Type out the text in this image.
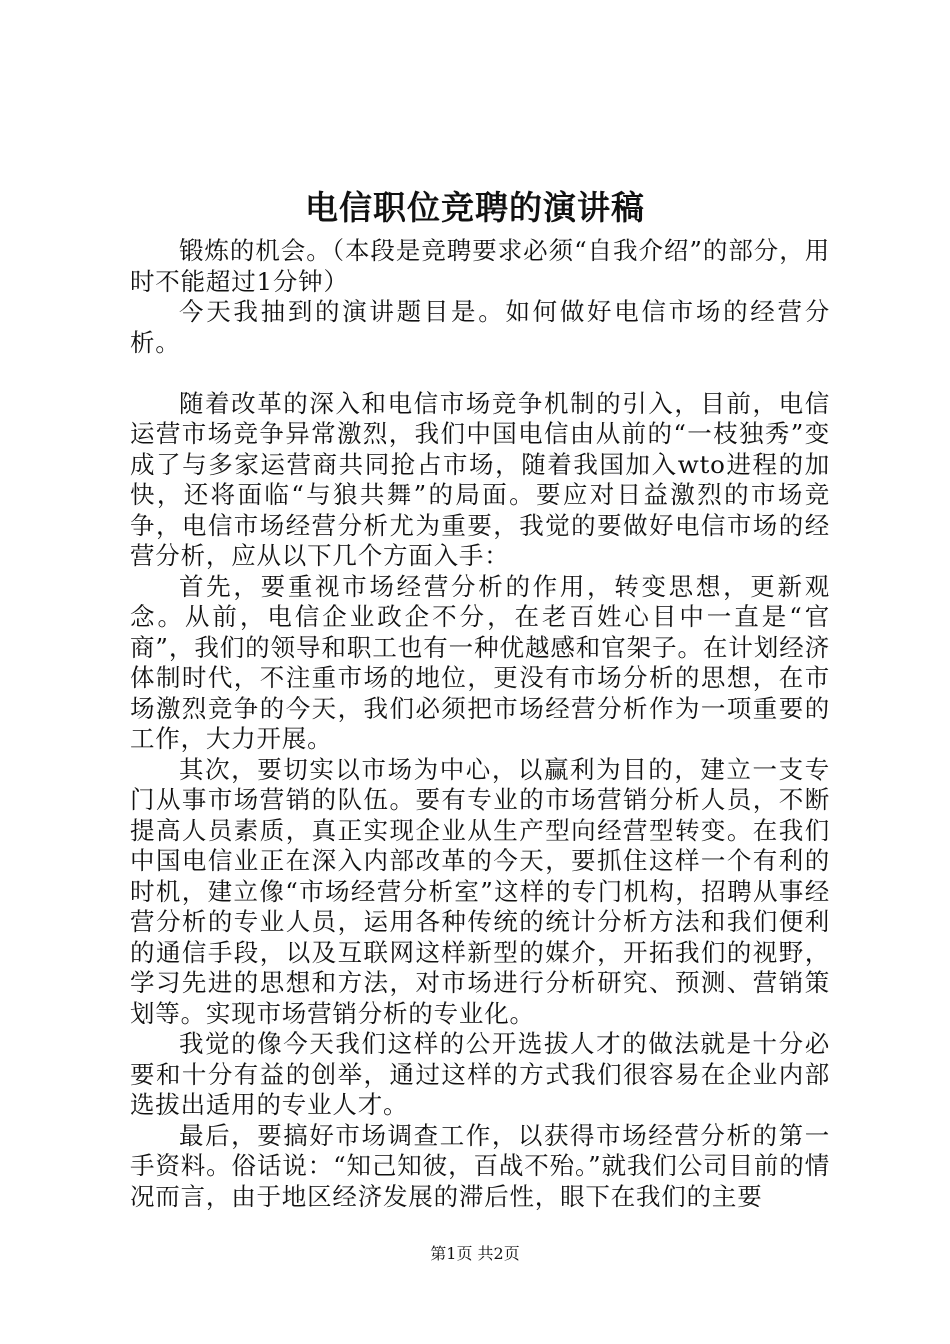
电信职位竞聘的演讲稿

锻炼的机会。（本段是竞聘要求必须“自我介绍”的部分，用时不能超过1分钟）

今天我抽到的演讲题目是。如何做好电信市场的经营分析。

随着改革的深入和电信市场竞争机制的引入，目前，电信运营市场竞争异常激烈，我们中国电信由从前的“一枝独秀”变成了与多家运营商共同抢占市场，随着我国加入wto进程的加快，还将面临“与狼共舞”的局面。要应对日益激烈的市场竞争，电信市场经营分析尤为重要，我觉的要做好电信市场的经营分析，应从以下几个方面入手：

首先，要重视市场经营分析的作用，转变思想，更新观念。从前，电信企业政企不分，在老百姓心目中一直是“官商”，我们的领导和职工也有一种优越感和官架子。在计划经济体制时代，不注重市场的地位，更没有市场分析的思想，在市场激烈竞争的今天，我们必须把市场经营分析作为一项重要的工作，大力开展。

其次，要切实以市场为中心，以赢利为目的，建立一支专门从事市场营销的队伍。要有专业的市场营销分析人员，不断提高人员素质，真正实现企业从生产型向经营型转变。在我们中国电信业正在深入内部改革的今天，要抓住这样一个有利的时机，建立像“市场经营分析室”这样的专门机构，招聘从事经营分析的专业人员，运用各种传统的统计分析方法和我们便利的通信手段，以及互联网这样新型的媒介，开拓我们的视野，学习先进的思想和方法，对市场进行分析研究、预测、营销策划等。实现市场营销分析的专业化。

我觉的像今天我们这样的公开选拔人才的做法就是十分必要和十分有益的创举，通过这样的方式我们很容易在企业内部选拔出适用的专业人才。

最后，要搞好市场调查工作，以获得市场经营分析的第一手资料。俗话说：“知己知彼，百战不殆。”就我们公司目前的情况而言，由于地区经济发展的滞后性，眼下在我们的主要

第1页 共2页
